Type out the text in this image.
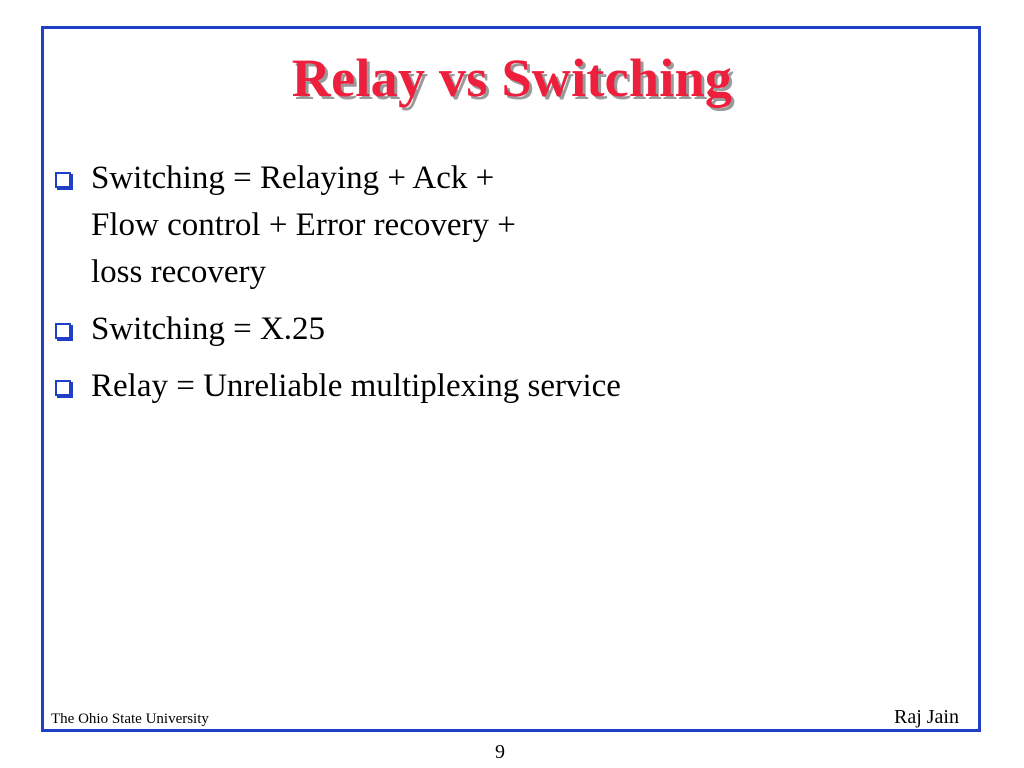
Relay vs Switching
Switching = Relaying + Ack +
Flow control + Error recovery +
loss recovery
Switching = X.25
Relay = Unreliable multiplexing service
The Ohio State University	Raj Jain
9
